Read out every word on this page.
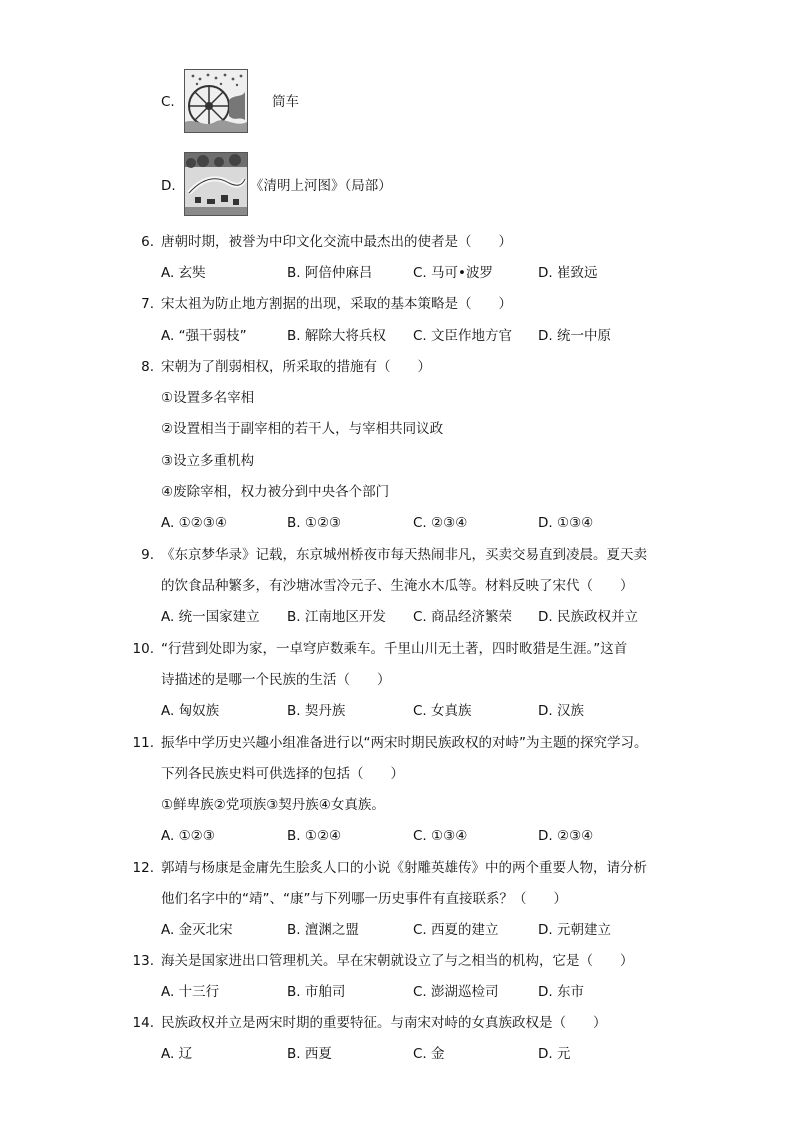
C.	筒车
D.	《清明上河图》（局部）
6. 唐朝时期，被誉为中印文化交流中最杰出的使者是（　　）
A. 玄奘	B. 阿倍仲麻吕	C. 马可•波罗	D. 崔致远
7. 宋太祖为防止地方割据的出现，采取的基本策略是（　　）
A. “强干弱枝”	B. 解除大将兵权 C. 文臣作地方官 D. 统一中原
8. 宋朝为了削弱相权，所采取的措施有（　　）
①设置多名宰相
②设置相当于副宰相的若干人，与宰相共同议政
③设立多重机构
④废除宰相，权力被分到中央各个部门
A. ①②③④	B. ①②③	C. ②③④	D. ①③④
9. 《东京梦华录》记载，东京城州桥夜市每天热闹非凡，买卖交易直到凌晨。夏天卖
的饮食品种繁多，有沙塘冰雪冷元子、生淹水木瓜等。材料反映了宋代（　　）
A. 统一国家建立 B. 江南地区开发 C. 商品经济繁荣 D. 民族政权并立
10. “行营到处即为家，一卓穹庐数乘车。千里山川无土著，四时畋猎是生涯。”这首
诗描述的是哪一个民族的生活（　　）
A. 匈奴族	B. 契丹族	C. 女真族	D. 汉族
11. 振华中学历史兴趣小组准备进行以“两宋时期民族政权的对峙”为主题的探究学习。
下列各民族史料可供选择的包括（　　）
①鲜卑族②党项族③契丹族④女真族。
A. ①②③	B. ①②④	C. ①③④	D. ②③④
12. 郭靖与杨康是金庸先生脍炙人口的小说《射雕英雄传》中的两个重要人物，请分析
他们名字中的“靖”、“康”与下列哪一历史事件有直接联系？（　　）
A. 金灭北宋	B. 澶渊之盟	C. 西夏的建立	D. 元朝建立
13. 海关是国家进出口管理机关。早在宋朝就设立了与之相当的机构，它是（　　）
A. 十三行	B. 市舶司	C. 澎湖巡检司	D. 东市
14. 民族政权并立是两宋时期的重要特征。与南宋对峙的女真族政权是（　　）
A. 辽	B. 西夏	C. 金	D. 元
